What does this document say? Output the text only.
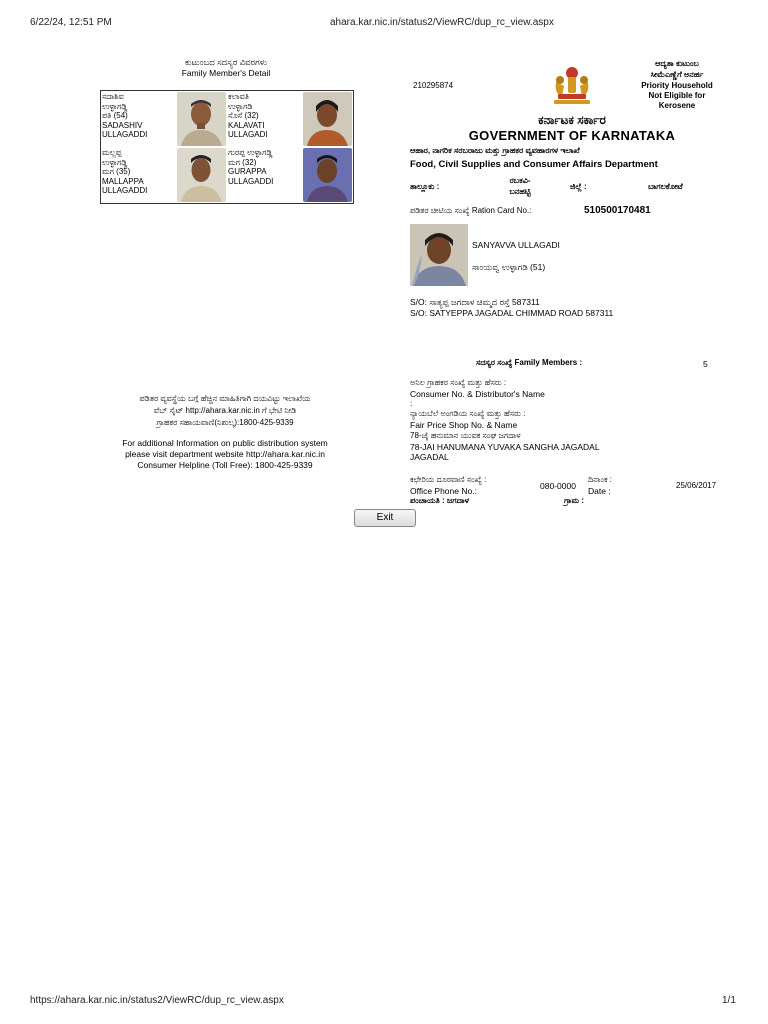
6/22/24, 12:51 PM	ahara.kar.nic.in/status2/ViewRC/dup_rc_view.aspx
ಕುಟುಂಬದ ಸದಸ್ಯರ ವಿವರಗಳು
Family Member's Detail
ಸದಾಶಿವ
ಉಳ್ಳಾಗಡ್ಡಿ
ಪತಿ (54)
SADASHIV
ULLAGADDI
ಕಲಾವತಿ
ಉಳ್ಳಾಗಡಿ
ಸೊಸೆ (32)
KALAVATI
ULLAGADI
ಮಲ್ಲಪ್ಪ
ಉಳ್ಳಾಗಡ್ಡಿ
ಮಗ (35)
MALLAPPA
ULLAGADDI
ಗುರಪ್ಪ ಉಳ್ಳಾಗಡ್ಡಿ
ಮಗ (32)
GURAPPA
ULLAGADDI
ಪಡಿತರ ವ್ಯವಸ್ಥೆಯ ಬಗ್ಗೆ ಹೆಚ್ಚಿನ ಮಾಹಿತಿಗಾಗಿ ದಯವಿಟ್ಟು ಇಲಾಖೆಯ
ವೆಬ್ ಸೈಟ್ http://ahara.kar.nic.in ಗೆ ಭೇಟಿ ನೀಡಿ
ಗ್ರಾಹಕರ ಸಹಾಯವಾಣಿ(ನಿಶುಲ್ಕ):1800-425-9339
For additional Information on public distribution system
please visit department website http://ahara.kar.nic.in
Consumer Helpline (Toll Free): 1800-425-9339
210295874
ಆದ್ಯತಾ ಕುಟುಂಬ
ಸೀಮೆಎಣ್ಣೆಗೆ ಅನರ್ಹ
Priority Household
Not Eligible for
Kerosene
ಕರ್ನಾಟಕ ಸರ್ಕಾರ
GOVERNMENT OF KARNATAKA
ಆಹಾರ, ನಾಗರಿಕ ಸರಬರಾಜು ಮತ್ತು ಗ್ರಾಹಕರ ವ್ಯವಹಾರಗಳ ಇಲಾಖೆ
Food, Civil Supplies and Consumer Affairs Department
ತಾಲ್ಲೂಕು :
ರಬಕವಿ-
ಬನಹಟ್ಟಿ
ಜಿಲ್ಲೆ :	ಬಾಗಲಕೋಟೆ
ಪಡಿತರ ಚೀಟಿಯ ಸಂಖ್ಯೆ Ration Card No.:	510500170481
SANYAVVA ULLAGADI
ಸಾಂಯವ್ವ ಉಳ್ಳಾಗಡಿ (51)
S/O: ಸಾತ್ಯಪ್ಪ ಜಗದಾಳ ಚಿಮ್ಮದ ರಸ್ತೆ 587311
S/O: SATYEPPA JAGADAL CHIMMAD ROAD 587311
ಸದಸ್ಯರ ಸಂಖ್ಯೆ Family Members :	5
ಅನಿಲ ಗ್ರಾಹಕರ ಸಂಖ್ಯೆ ಮತ್ತು ಹೆಸರು :
Consumer No. & Distributor's Name
:
ನ್ಯಾಯಬೆಲೆ ಅಂಗಡಿಯ ಸಂಖ್ಯೆ ಮತ್ತು ಹೆಸರು :
Fair Price Shop No. & Name
78-ಜೈ ಹನುಮಾನ ಯುವಕ ಸಂಘ ಜಗದಾಳ
78-JAI HANUMANA YUVAKA SANGHA JAGADAL
JAGADAL
ಕಛೇರಿಯ ದೂರವಾಣಿ ಸಂಖ್ಯೆ :
Office Phone No.:	080-0000
ದಿನಾಂಕ :
Date :
25/06/2017
ಪಂಚಾಯತಿ : ಜಗದಾಳ	ಗ್ರಾಮ :
Exit
https://ahara.kar.nic.in/status2/ViewRC/dup_rc_view.aspx	1/1
